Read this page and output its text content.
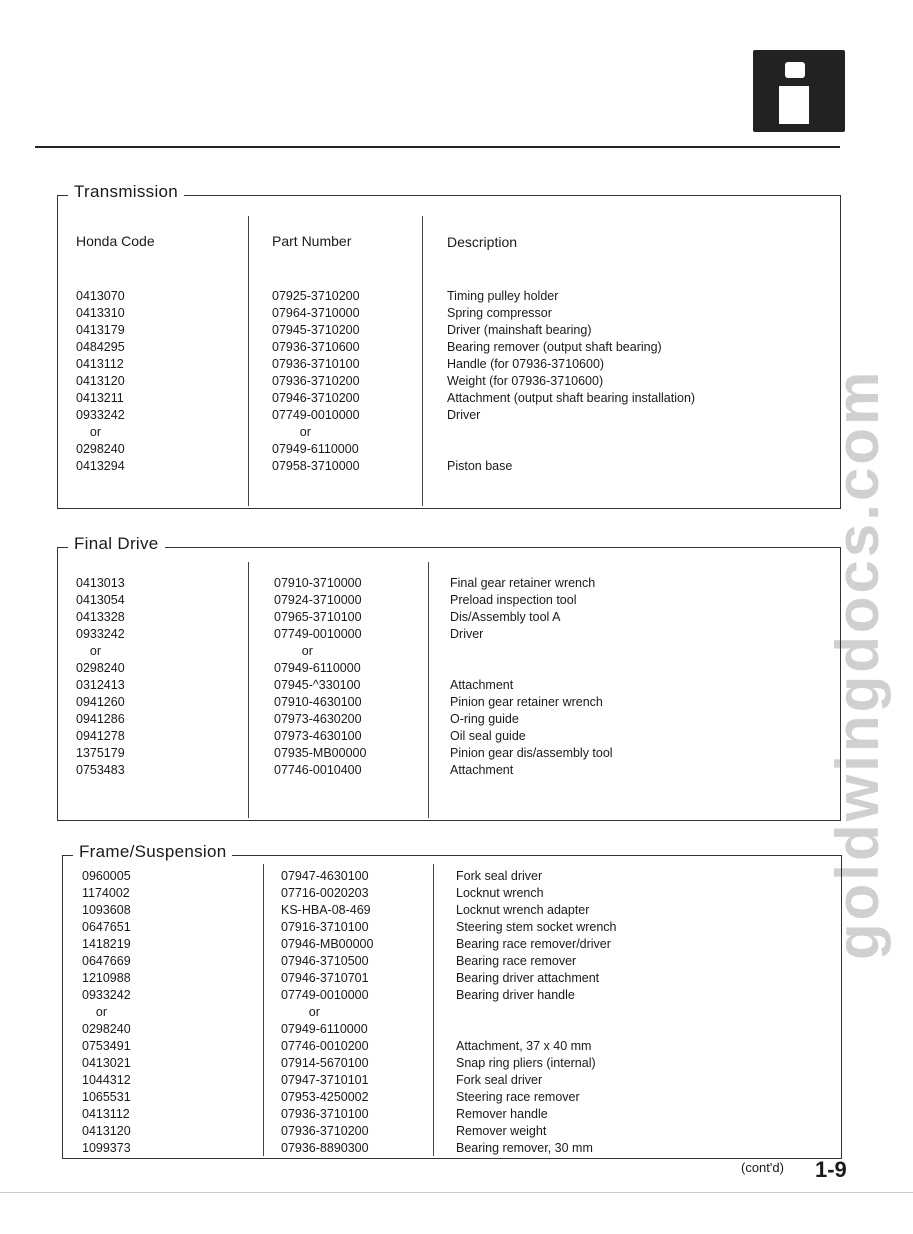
goldwingdocs.com
Transmission
Honda Code	Part Number	Description
0413070
0413310
0413179
0484295
0413112
0413120
0413211
0933242
or
0298240
0413294
07925-3710200
07964-3710000
07945-3710200
07936-3710600
07936-3710100
07936-3710200
07946-3710200
07749-0010000
or
07949-6110000
07958-3710000
Timing pulley holder
Spring compressor
Driver (mainshaft bearing)
Bearing remover (output shaft bearing)
Handle (for 07936-3710600)
Weight (for 07936-3710600)
Attachment (output shaft bearing installation)
Driver
Piston base
Final Drive
0413013
0413054
0413328
0933242
or
0298240
0312413
0941260
0941286
0941278
1375179
0753483
07910-3710000
07924-3710000
07965-3710100
07749-0010000
or
07949-6110000
07945-^330100
07910-4630100
07973-4630200
07973-4630100
07935-MB00000
07746-0010400
Final gear retainer wrench
Preload inspection tool
Dis/Assembly tool A
Driver
Attachment
Pinion gear retainer wrench
O-ring guide
Oil seal guide
Pinion gear dis/assembly tool
Attachment
Frame/Suspension
0960005
1174002
1093608
0647651
1418219
0647669
1210988
0933242
or
0298240
0753491
0413021
1044312
1065531
0413112
0413120
1099373
07947-4630100
07716-0020203
KS-HBA-08-469
07916-3710100
07946-MB00000
07946-3710500
07946-3710701
07749-0010000
or
07949-6110000
07746-0010200
07914-5670100
07947-3710101
07953-4250002
07936-3710100
07936-3710200
07936-8890300
Fork seal driver
Locknut wrench
Locknut wrench adapter
Steering stem socket wrench
Bearing race remover/driver
Bearing race remover
Bearing driver attachment
Bearing driver handle
Attachment, 37 x 40 mm
Snap ring pliers (internal)
Fork seal driver
Steering race remover
Remover handle
Remover weight
Bearing remover, 30 mm
(cont'd) 1-9
